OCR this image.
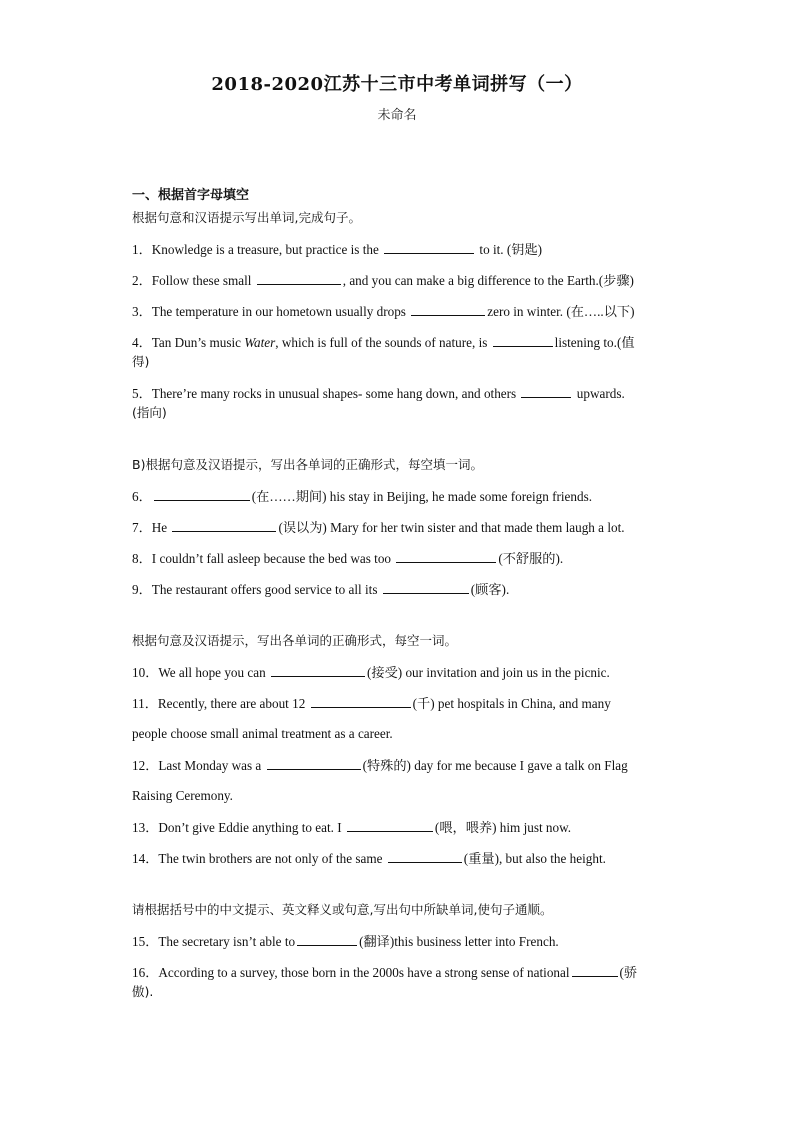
2018-2020江苏十三市中考单词拼写（一）
未命名
一、根据首字母填空
根据句意和汉语提示写出单词,完成句子。
1．Knowledge is a treasure, but practice is the	to it. (钥匙)
2．Follow these small	, and you can make a big difference to the Earth.(步骤)
3．The temperature in our hometown usually drops	zero in winter. (在…..以下)
4．Tan Dun’s music Water, which is full of the sounds of nature, is	listening to.(值
得)
5．There’re many rocks in unusual shapes- some hang down, and others	upwards.
(指向)
B)根据句意及汉语提示，写出各单词的正确形式，每空填一词。
6．	(在……期间) his stay in Beijing, he made some foreign friends.
7．He	(误以为) Mary for her twin sister and that made them laugh a lot.
8．I couldn’t fall asleep because the bed was too	(不舒服的).
9．The restaurant offers good service to all its	(顾客).
根据句意及汉语提示，写出各单词的正确形式，每空一词。
10．We all hope you can	(接受) our invitation and join us in the picnic.
11．Recently, there are about 12	(千) pet hospitals in China, and many
people choose small animal treatment as a career.
12．Last Monday was a	(特殊的) day for me because I gave a talk on Flag
Raising Ceremony.
13．Don’t give Eddie anything to eat. I	(喂，喂养) him just now.
14．The twin brothers are not only of the same	(重量), but also the height.
请根据括号中的中文提示、英文释义或句意,写出句中所缺单词,使句子通顺。
15．The secretary isn’t able to	(翻译)this business letter into French.
16．According to a survey, those born in the 2000s have a strong sense of national	(骄
傲).
